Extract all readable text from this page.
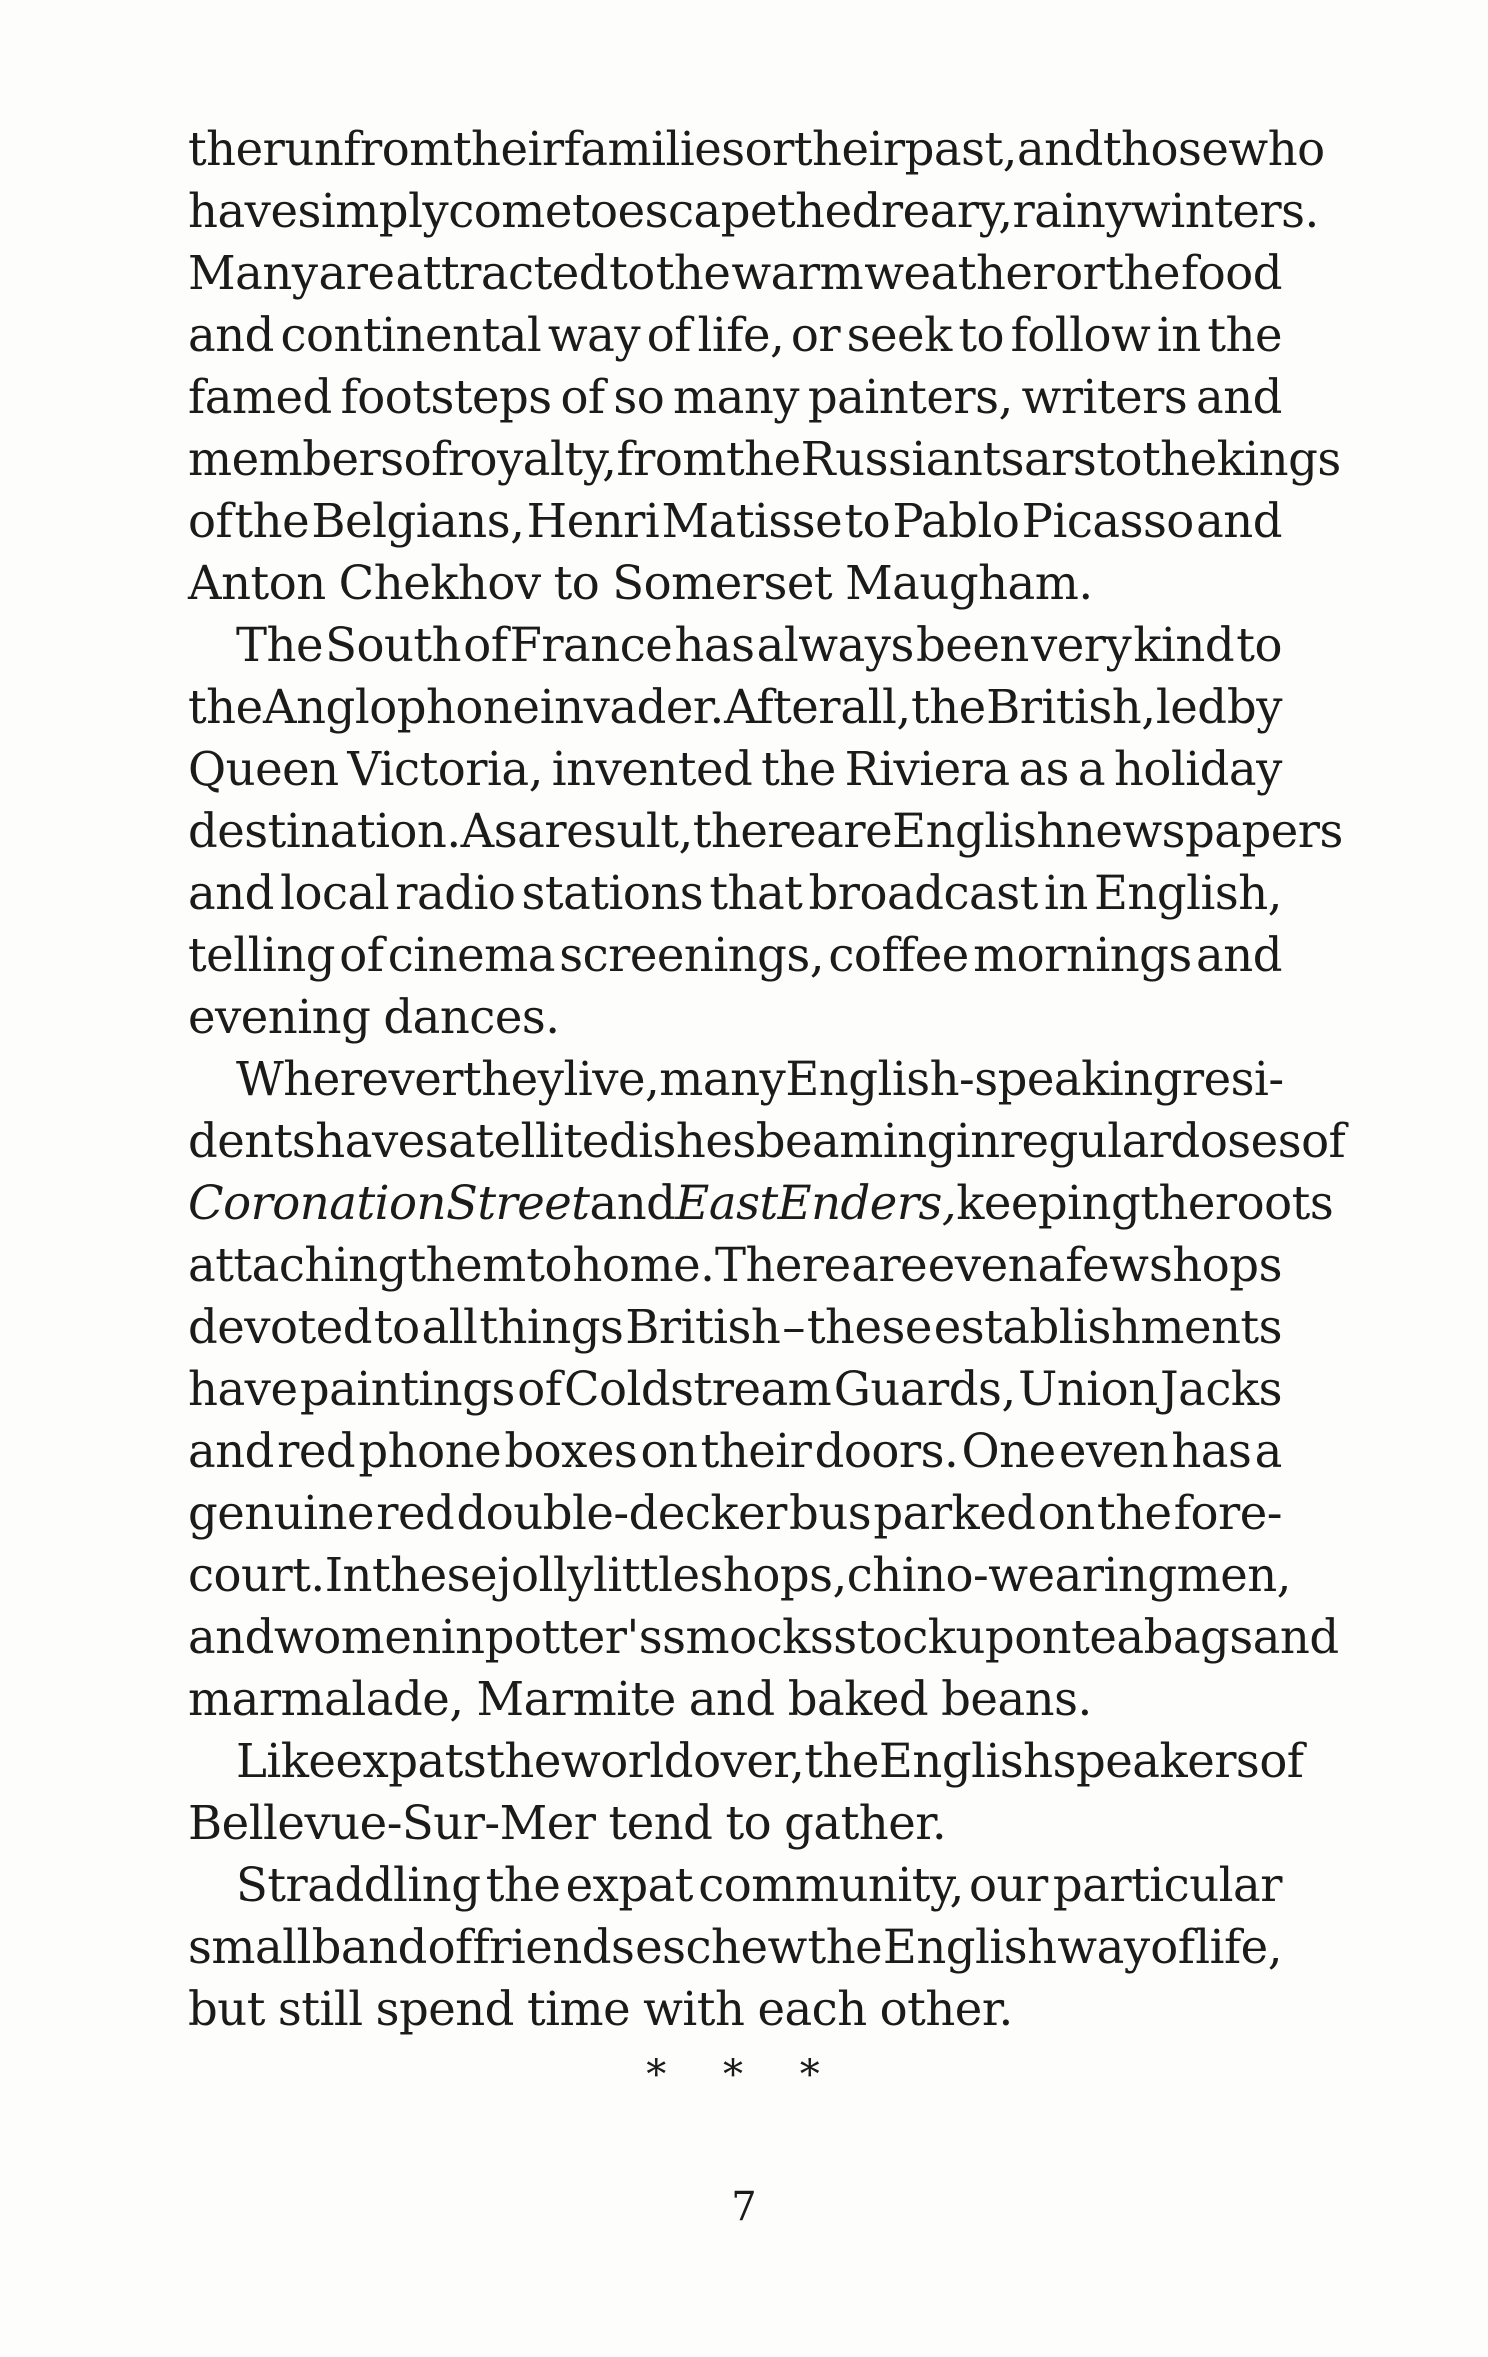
the run from their families or their past, and those who
have simply come to escape the dreary, rainy winters.
Many are attracted to the warm weather or the food
and continental way of life, or seek to follow in the
famed footsteps of so many painters, writers and
members of royalty, from the Russian tsars to the kings
of the Belgians, Henri Matisse to Pablo Picasso and
Anton Chekhov to Somerset Maugham.
The South of France has always been very kind to
the Anglophone invader. After all, the British, led by
Queen Victoria, invented the Riviera as a holiday
destination. As a result, there are English newspapers
and local radio stations that broadcast in English,
telling of cinema screenings, coffee mornings and
evening dances.
Wherever they live, many English-speaking resi-
dents have satellite dishes beaming in regular doses of
Coronation Street and EastEnders, keeping the roots
attaching them to home. There are even a few shops
devoted to all things British – these establishments
have paintings of Coldstream Guards, Union Jacks
and red phone boxes on their doors. One even has a
genuine red double-decker bus parked on the fore-
court. In these jolly little shops, chino-wearing men,
and women in potter's smocks stock up on teabags and
marmalade, Marmite and baked beans.
Like expats the world over, the English speakers of
Bellevue-Sur-Mer tend to gather.
Straddling the expat community, our particular
small band of friends eschew the English way of life,
but still spend time with each other.
* * *
7
